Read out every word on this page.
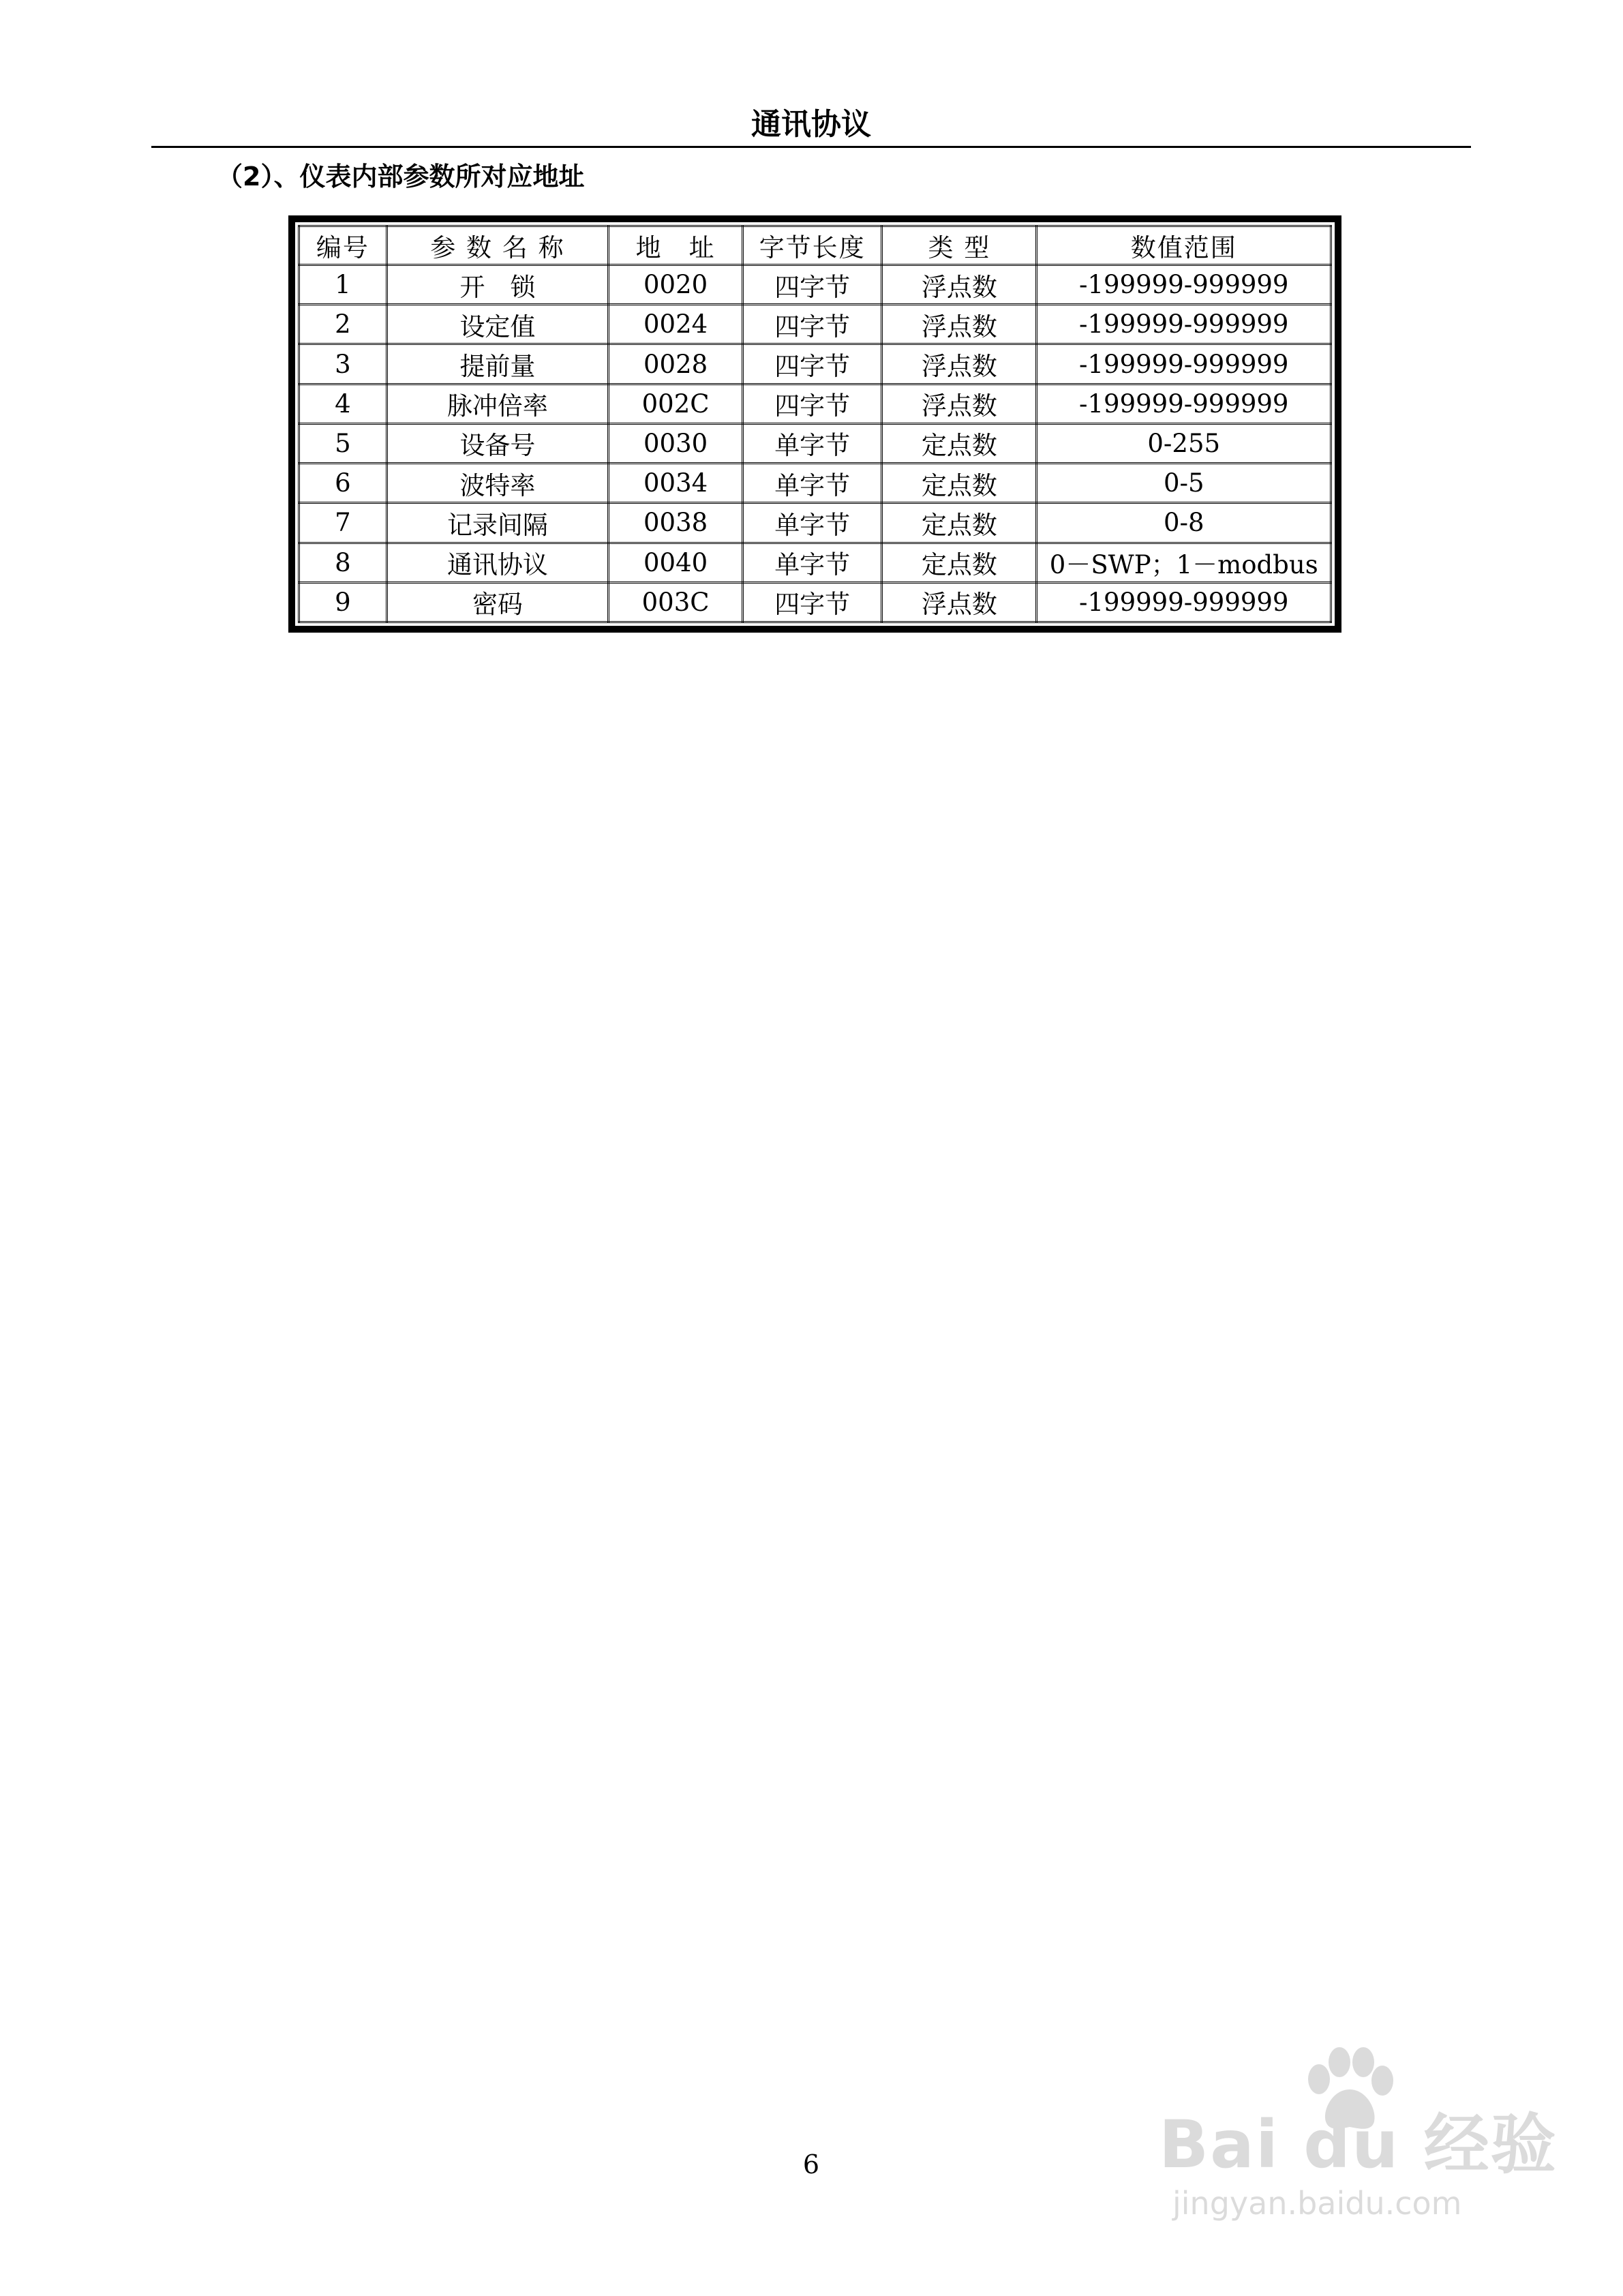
通讯协议
（2）、仪表内部参数所对应地址
编号	参 数 名 称	地　址	字节长度	类 型	数值范围
1	开　锁	0020	四字节	浮点数	-199999-999999
2	设定值	0024	四字节	浮点数	-199999-999999
3	提前量	0028	四字节	浮点数	-199999-999999
4	脉冲倍率	002C	四字节	浮点数	-199999-999999
5	设备号	0030	单字节	定点数	0-255
6	波特率	0034	单字节	定点数	0-5
7	记录间隔	0038	单字节	定点数	0-8
8	通讯协议	0040	单字节	定点数	0－SWP；1－modbus
9	密码	003C	四字节	浮点数	-199999-999999
6	Bai du 经验
jingyan.baidu.com
